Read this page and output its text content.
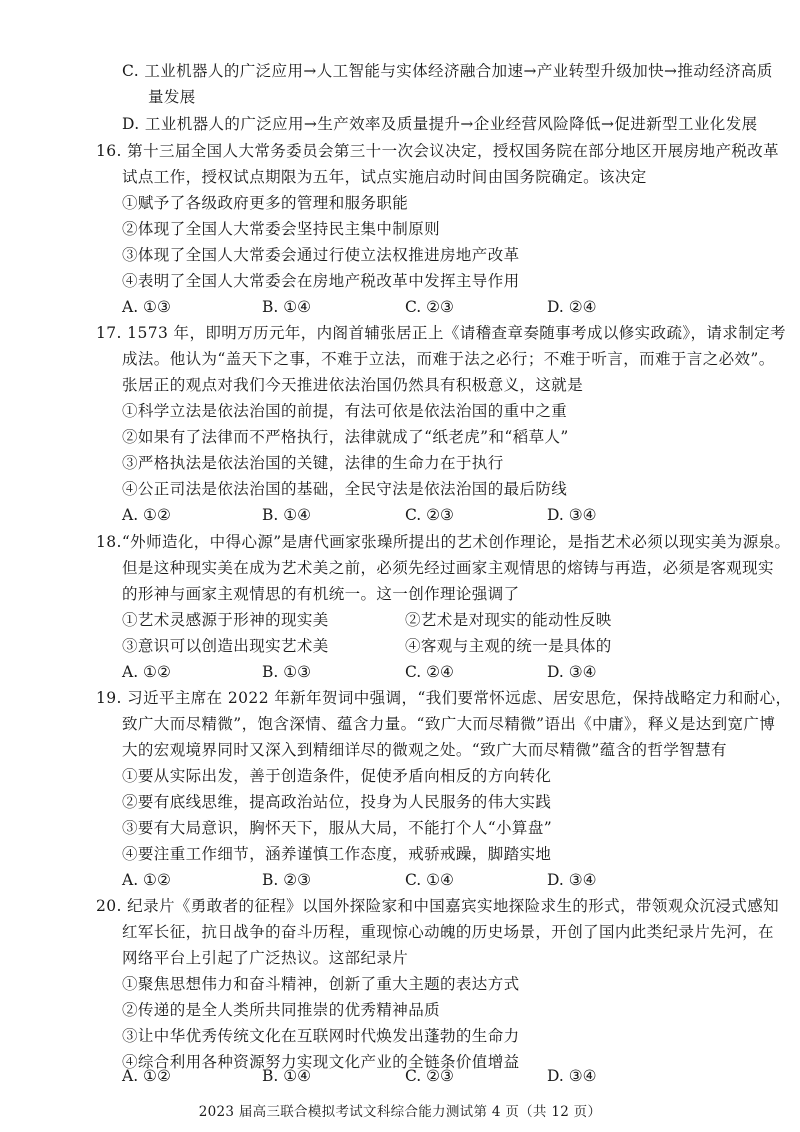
C. 工业机器人的广泛应用→人工智能与实体经济融合加速→产业转型升级加快→推动经济高质
量发展
D. 工业机器人的广泛应用→生产效率及质量提升→企业经营风险降低→促进新型工业化发展
16. 第十三届全国人大常务委员会第三十一次会议决定，授权国务院在部分地区开展房地产税改革
试点工作，授权试点期限为五年，试点实施启动时间由国务院确定。该决定
①赋予了各级政府更多的管理和服务职能
②体现了全国人大常委会坚持民主集中制原则
③体现了全国人大常委会通过行使立法权推进房地产改革
④表明了全国人大常委会在房地产税改革中发挥主导作用
A. ①③	B. ①④	C. ②③	D. ②④
17. 1573 年，即明万历元年，内阁首辅张居正上《请稽查章奏随事考成以修实政疏》，请求制定考
成法。他认为“盖天下之事，不难于立法，而难于法之必行；不难于听言，而难于言之必效”。
张居正的观点对我们今天推进依法治国仍然具有积极意义，这就是
①科学立法是依法治国的前提，有法可依是依法治国的重中之重
②如果有了法律而不严格执行，法律就成了“纸老虎”和“稻草人”
③严格执法是依法治国的关键，法律的生命力在于执行
④公正司法是依法治国的基础，全民守法是依法治国的最后防线
A. ①②	B. ①④	C. ②③	D. ③④
18.“外师造化，中得心源”是唐代画家张璪所提出的艺术创作理论，是指艺术必须以现实美为源泉。
但是这种现实美在成为艺术美之前，必须先经过画家主观情思的熔铸与再造，必须是客观现实
的形神与画家主观情思的有机统一。这一创作理论强调了
①艺术灵感源于形神的现实美	②艺术是对现实的能动性反映
③意识可以创造出现实艺术美	④客观与主观的统一是具体的
A. ①②	B. ①③	C. ②④	D. ③④
19. 习近平主席在 2022 年新年贺词中强调，“我们要常怀远虑、居安思危，保持战略定力和耐心，
致广大而尽精微”，饱含深情、蕴含力量。“致广大而尽精微”语出《中庸》，释义是达到宽广博
大的宏观境界同时又深入到精细详尽的微观之处。“致广大而尽精微”蕴含的哲学智慧有
①要从实际出发，善于创造条件，促使矛盾向相反的方向转化
②要有底线思维，提高政治站位，投身为人民服务的伟大实践
③要有大局意识，胸怀天下，服从大局，不能打个人“小算盘”
④要注重工作细节，涵养谨慎工作态度，戒骄戒躁，脚踏实地
A. ①②	B. ②③	C. ①④	D. ③④
20. 纪录片《勇敢者的征程》以国外探险家和中国嘉宾实地探险求生的形式，带领观众沉浸式感知
红军长征，抗日战争的奋斗历程，重现惊心动魄的历史场景，开创了国内此类纪录片先河，在
网络平台上引起了广泛热议。这部纪录片
①聚焦思想伟力和奋斗精神，创新了重大主题的表达方式
②传递的是全人类所共同推崇的优秀精神品质
③让中华优秀传统文化在互联网时代焕发出蓬勃的生命力
④综合利用各种资源努力实现文化产业的全链条价值增益
A. ①②	B. ①④	C. ②③	D. ③④
2023 届高三联合模拟考试文科综合能力测试第 4 页（共 12 页）
